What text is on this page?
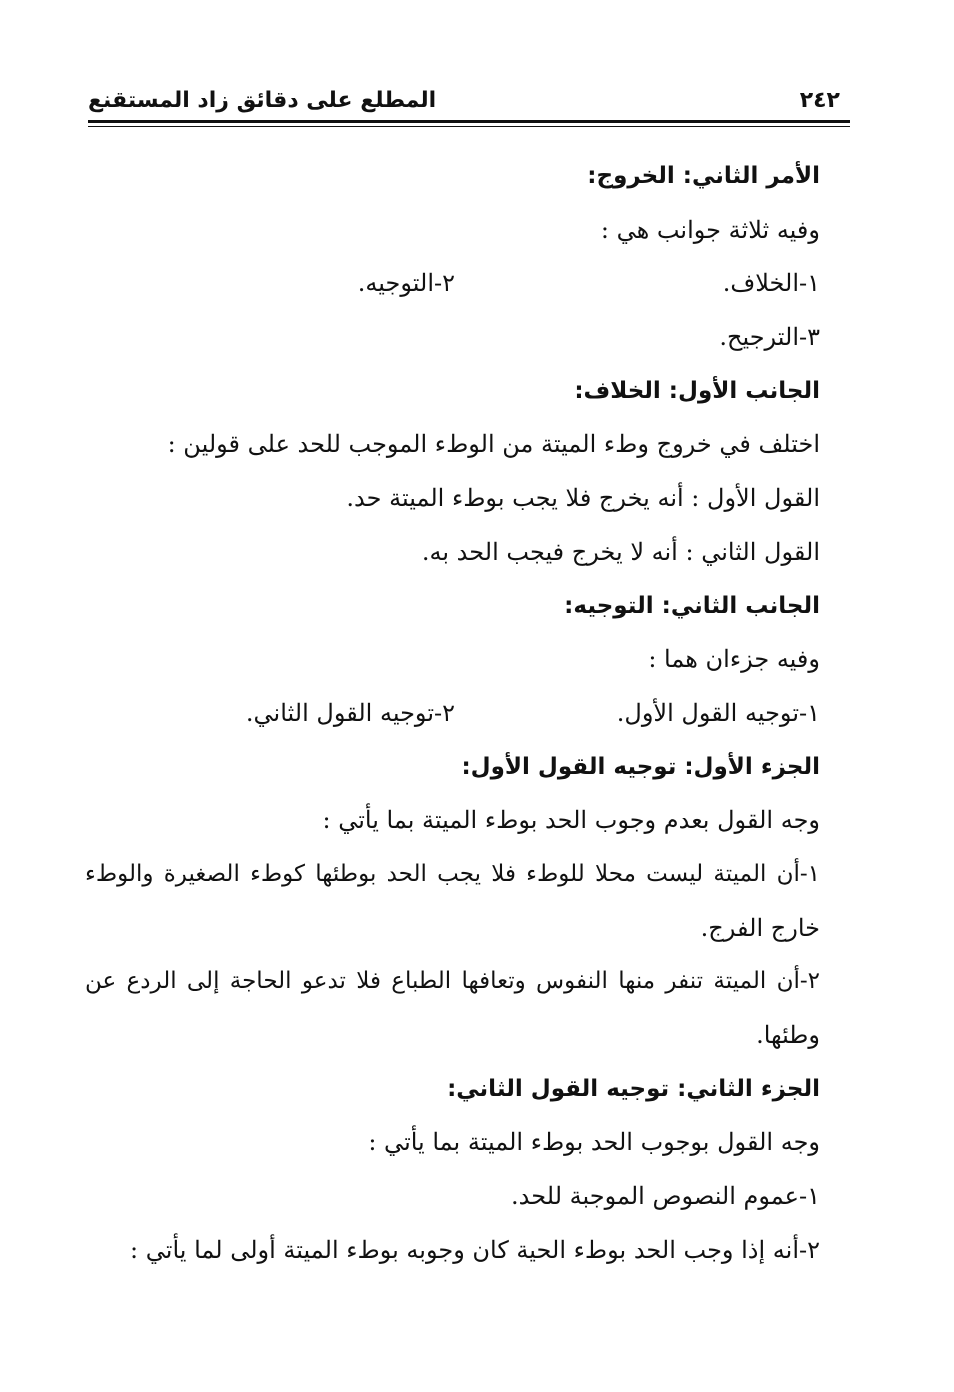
٢٤٢
المطلع على دقائق زاد المستقنع
الأمر الثاني: الخروج:
وفيه ثلاثة جوانب هي :
١-الخلاف.
٢-التوجيه.
٣-الترجيح.
الجانب الأول: الخلاف:
اختلف في خروج وطء الميتة من الوطء الموجب للحد على قولين :
القول الأول : أنه يخرج فلا يجب بوطء الميتة حد.
القول الثاني : أنه لا يخرج فيجب الحد به.
الجانب الثاني: التوجيه:
وفيه جزءان هما :
١-توجيه القول الأول.
٢-توجيه القول الثاني.
الجزء الأول: توجيه القول الأول:
وجه القول بعدم وجوب الحد بوطء الميتة بما يأتي :
١-أن الميتة ليست محلا للوطء فلا يجب الحد بوطئها كوطء الصغيرة والوطء
خارج الفرج.
٢-أن الميتة تنفر منها النفوس وتعافها الطباع فلا تدعو الحاجة إلى الردع عن
وطئها.
الجزء الثاني: توجيه القول الثاني:
وجه القول بوجوب الحد بوطء الميتة بما يأتي :
١-عموم النصوص الموجبة للحد.
٢-أنه إذا وجب الحد بوطء الحية كان وجوبه بوطء الميتة أولى لما يأتي :
